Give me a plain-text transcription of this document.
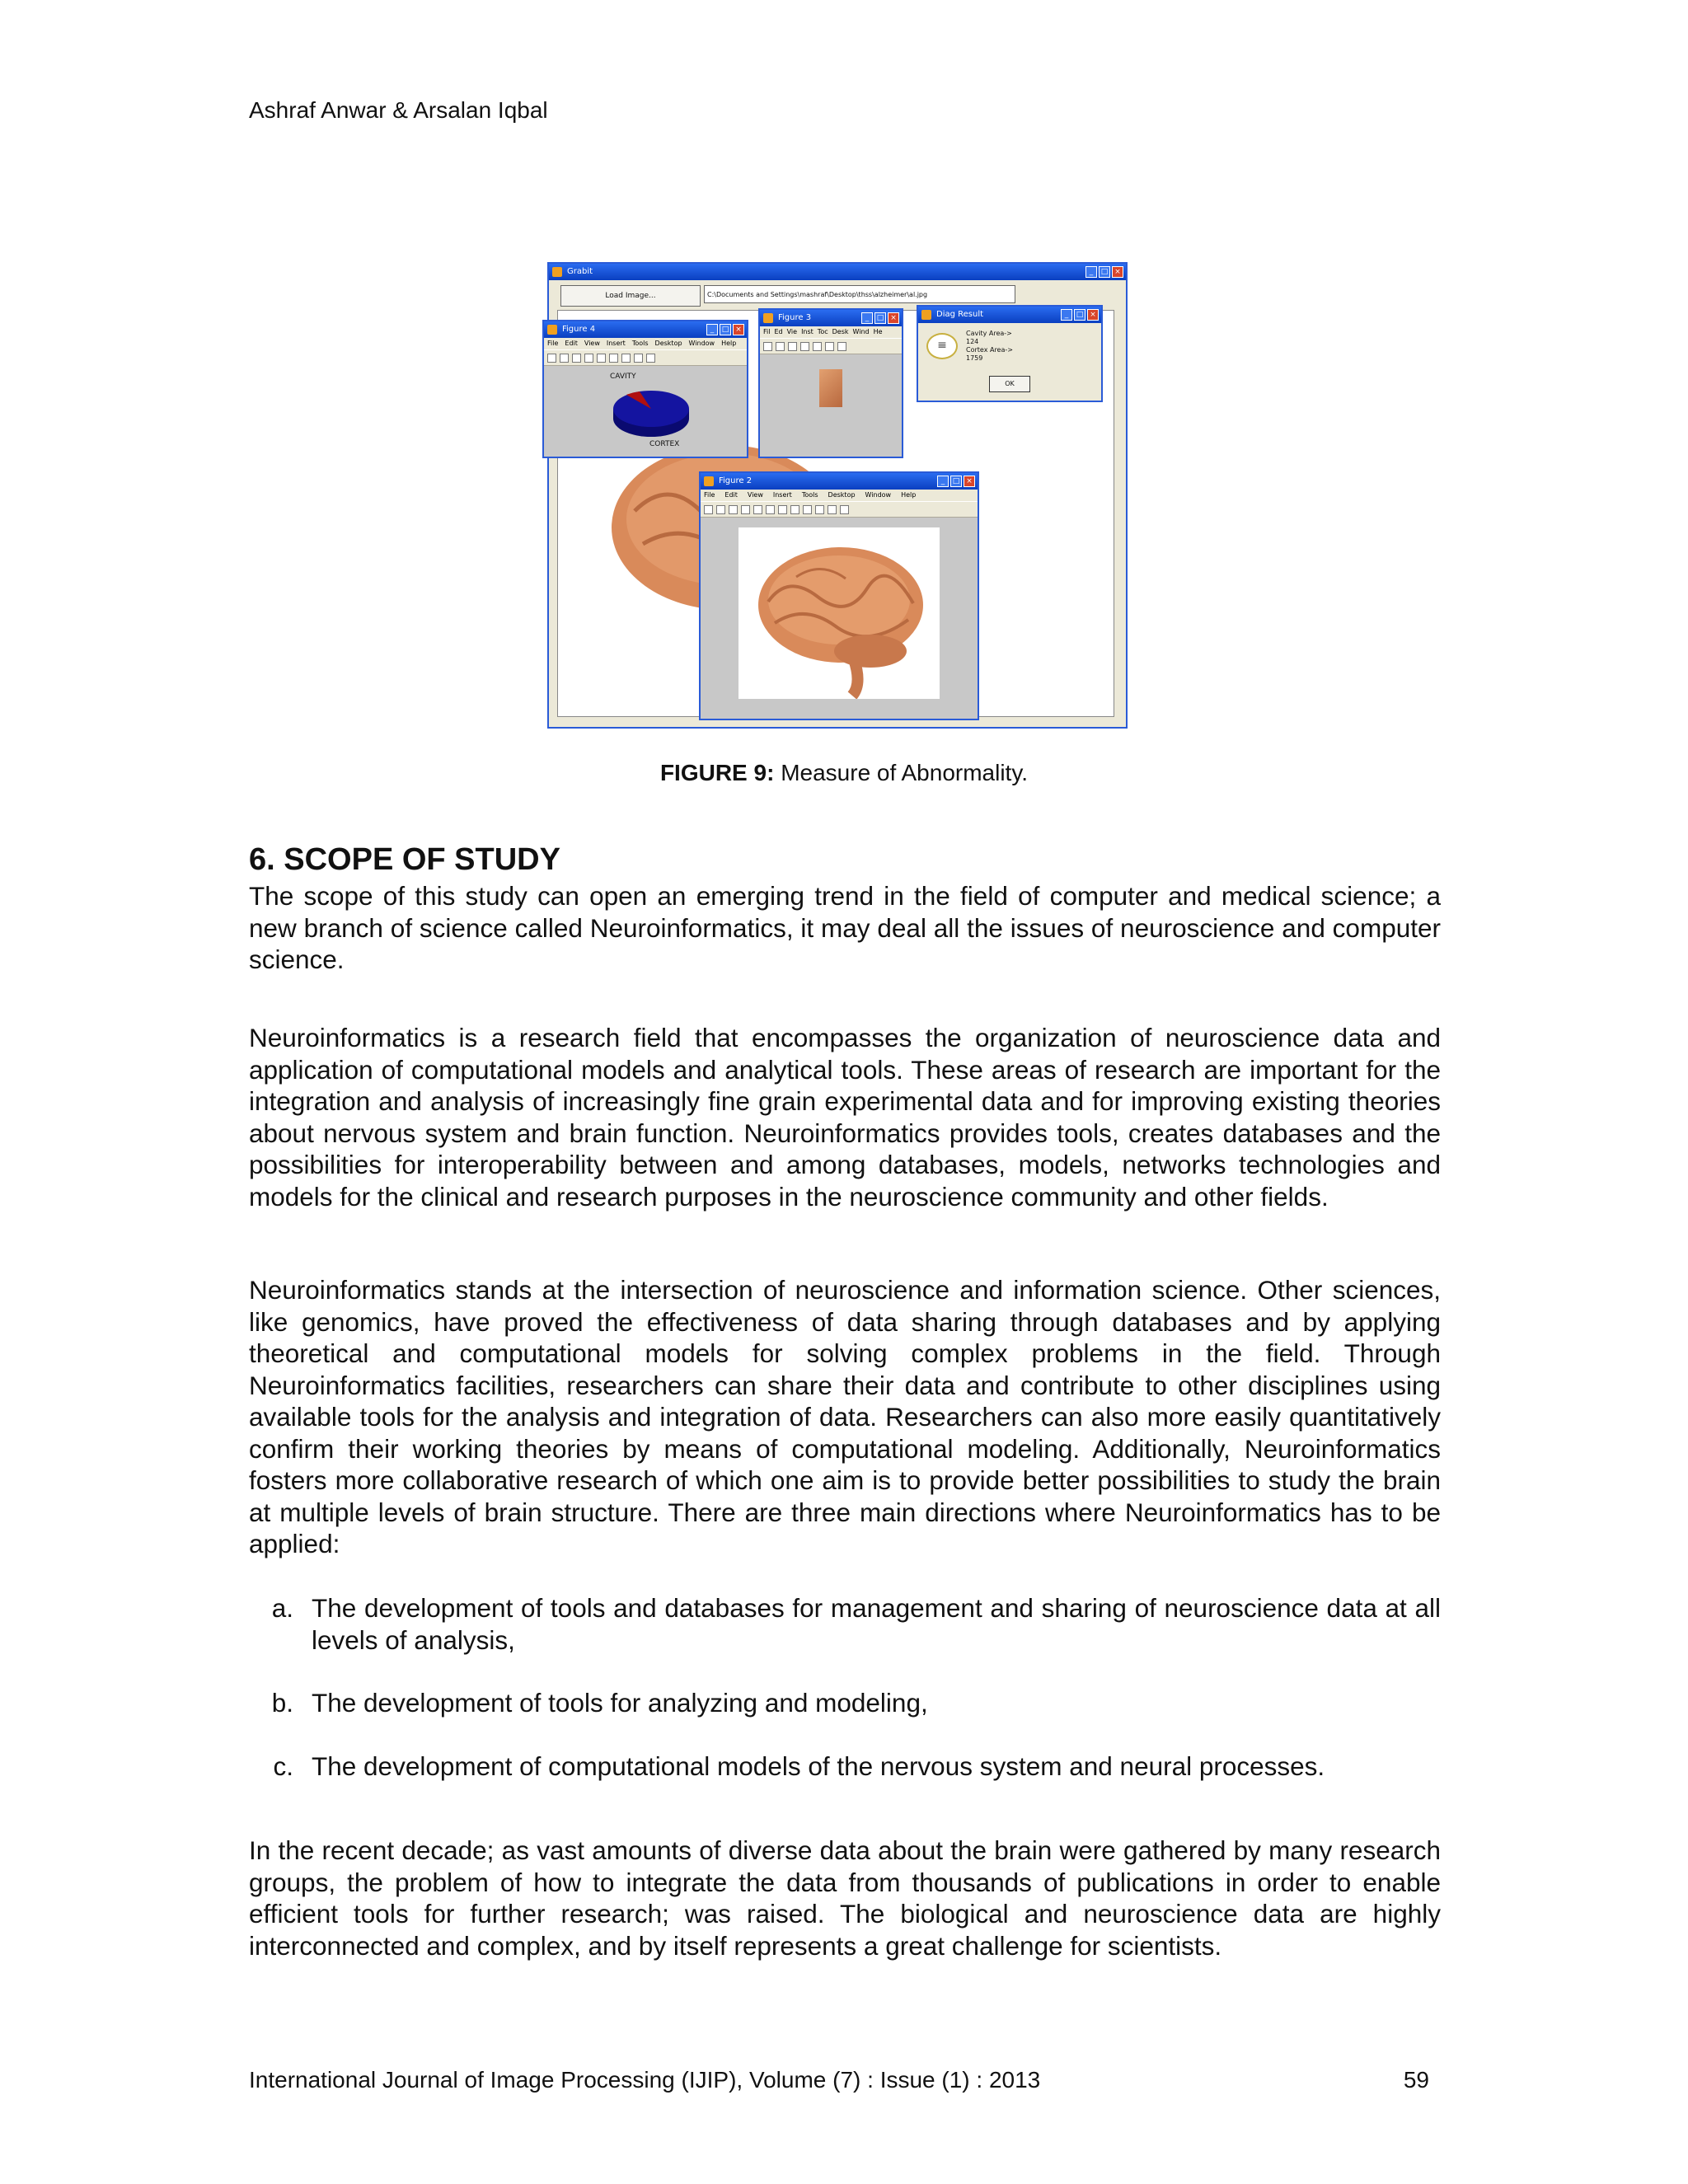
Ashraf Anwar & Arsalan Iqbal
Grabit	_	□ ×
Load Image...	C:\Documents and Settings\mashraf\Desktop\thss\alzheimer\al.jpg
Figure 4	_	□ ×
File Edit View Insert Tools Desktop Window Help
CAVITY
CORTEX
Figure 3	_	□ ×
Fil Ed Vie Inst Toc Desk Wind He
Diag Result	_	□ ×
≡
Cavity Area->
124
Cortex Area->
1759
OK
Figure 2	_	□ ×
File Edit View Insert Tools Desktop Window Help
FIGURE 9: Measure of Abnormality.
6. SCOPE OF STUDY

The scope of this study can open an emerging trend in the field of computer and medical science; a new branch of science called Neuroinformatics, it may deal all the issues of neuroscience and computer science.

Neuroinformatics is a research field that encompasses the organization of neuroscience data and application of computational models and analytical tools. These areas of research are important for the integration and analysis of increasingly fine grain experimental data and for improving existing theories about nervous system and brain function. Neuroinformatics provides tools, creates databases and the possibilities for interoperability between and among databases, models, networks technologies and models for the clinical and research purposes in the neuroscience community and other fields.

Neuroinformatics stands at the intersection of neuroscience and information science. Other sciences, like genomics, have proved the effectiveness of data sharing through databases and by applying theoretical and computational models for solving complex problems in the field. Through Neuroinformatics facilities, researchers can share their data and contribute to other disciplines using available tools for the analysis and integration of data. Researchers can also more easily quantitatively confirm their working theories by means of computational modeling. Additionally, Neuroinformatics fosters more collaborative research of which one aim is to provide better possibilities to study the brain at multiple levels of brain structure. There are three main directions where Neuroinformatics has to be applied:

a. The development of tools and databases for management and sharing of neuroscience data at all levels of analysis,
b. The development of tools for analyzing and modeling,
c. The development of computational models of the nervous system and neural processes.

In the recent decade; as vast amounts of diverse data about the brain were gathered by many research groups, the problem of how to integrate the data from thousands of publications in order to enable efficient tools for further research; was raised. The biological and neuroscience data are highly interconnected and complex, and by itself represents a great challenge for scientists.

International Journal of Image Processing (IJIP), Volume (7) : Issue (1) : 2013	59
